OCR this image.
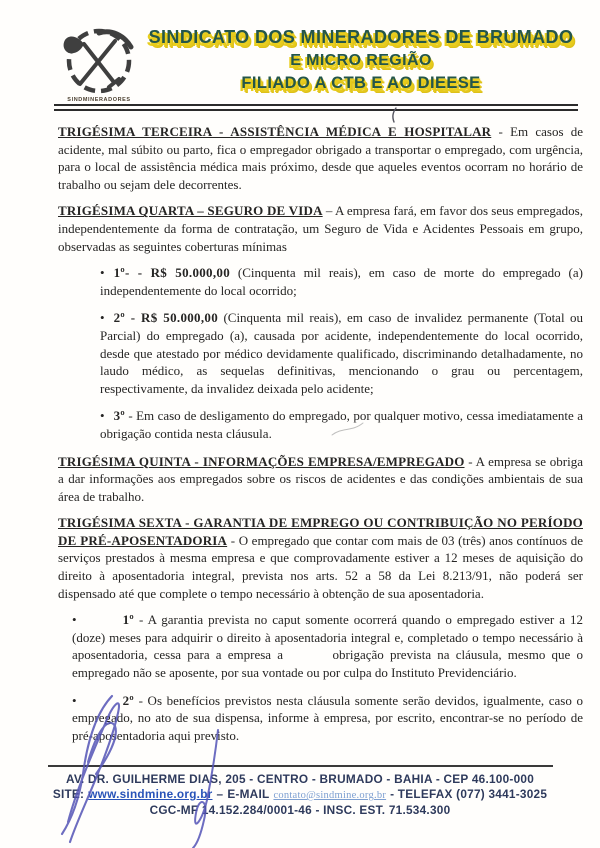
SINDMINERADORES
SINDICATO DOS MINERADORES DE BRUMADO
E MICRO REGIÃO
FILIADO A CTB E AO DIEESE

TRIGÉSIMA TERCEIRA - ASSISTÊNCIA MÉDICA E HOSPITALAR - Em casos de acidente, mal súbito ou parto, fica o empregador obrigado a transportar o empregado, com urgência, para o local de assistência médica mais próximo, desde que aqueles eventos ocorram no horário de trabalho ou sejam dele decorrentes.

TRIGÉSIMA QUARTA – SEGURO DE VIDA – A empresa fará, em favor dos seus empregados, independentemente da forma de contratação, um Seguro de Vida e Acidentes Pessoais em grupo, observadas as seguintes coberturas mínimas

• 1º- - R$ 50.000,00 (Cinquenta mil reais), em caso de morte do empregado (a) independentemente do local ocorrido;
• 2º - R$ 50.000,00 (Cinquenta mil reais), em caso de invalidez permanente (Total ou Parcial) do empregado (a), causada por acidente, independentemente do local ocorrido, desde que atestado por médico devidamente qualificado, discriminando detalhadamente, no laudo médico, as sequelas definitivas, mencionando o grau ou percentagem, respectivamente, da invalidez deixada pelo acidente;
• 3º - Em caso de desligamento do empregado, por qualquer motivo, cessa imediatamente a obrigação contida nesta cláusula.

TRIGÉSIMA QUINTA - INFORMAÇÕES EMPRESA/EMPREGADO - A empresa se obriga a dar informações aos empregados sobre os riscos de acidentes e das condições ambientais de sua área de trabalho.

TRIGÉSIMA SEXTA - GARANTIA DE EMPREGO OU CONTRIBUIÇÃO NO PERÍODO DE PRÉ-APOSENTADORIA - O empregado que contar com mais de 03 (três) anos contínuos de serviços prestados à mesma empresa e que comprovadamente estiver a 12 meses de aquisição do direito à aposentadoria integral, prevista nos arts. 52 a 58 da Lei 8.213/91, não poderá ser dispensado até que complete o tempo necessário à obtenção de sua aposentadoria.

•	1º - A garantia prevista no caput somente ocorrerá quando o empregado estiver a 12 (doze) meses para adquirir o direito à aposentadoria integral e, completado o tempo necessário à aposentadoria, cessa para a empresa a        obrigação prevista na cláusula, mesmo que o empregado não se aposente, por sua vontade ou por culpa do Instituto Previdenciário.
•	2º - Os benefícios previstos nesta cláusula somente serão devidos, igualmente, caso o empregado, no ato de sua dispensa, informe à empresa, por escrito, encontrar-se no período de pré-aposentadoria aqui previsto.
AV. DR. GUILHERME DIAS, 205 - CENTRO - BRUMADO - BAHIA - CEP 46.100-000
SITE: www.sindmine.org.br – E-MAIL contato@sindmine.org.br - TELEFAX (077) 3441-3025
CGC-MF 14.152.284/0001-46 - INSC. EST. 71.534.300
